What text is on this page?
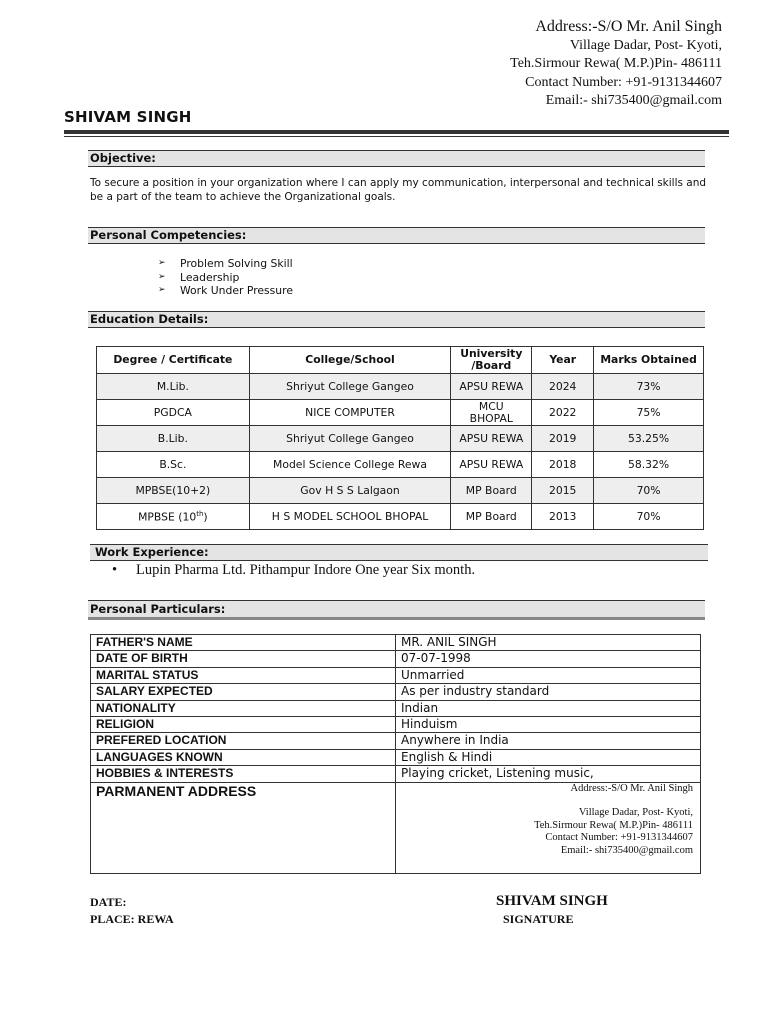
Address:-S/O Mr. Anil Singh
Village Dadar, Post- Kyoti,
Teh.Sirmour Rewa( M.P.)Pin- 486111
Contact Number: +91-9131344607
Email:- shi735400@gmail.com
SHIVAM SINGH
Objective:
To secure a position in your organization where I can apply my communication, interpersonal and technical skills and be a part of the team to achieve the Organizational goals.
Personal Competencies:
➢ Problem Solving Skill
➢ Leadership
➢ Work Under Pressure
Education Details:
Degree / Certificate	College/School	University /Board	Year	Marks Obtained
M.Lib.	Shriyut College Gangeo	APSU REWA	2024	73%
PGDCA	NICE COMPUTER	MCU BHOPAL	2022	75%
B.Lib.	Shriyut College Gangeo	APSU REWA	2019	53.25%
B.Sc.	Model Science College Rewa	APSU REWA	2018	58.32%
MPBSE(10+2)	Gov H S S Lalgaon	MP Board	2015	70%
MPBSE (10th)	H S MODEL SCHOOL BHOPAL	MP Board	2013	70%
Work Experience:
• Lupin Pharma Ltd. Pithampur Indore One year Six month.
Personal Particulars:
FATHER'S NAME	MR. ANIL SINGH
DATE OF BIRTH	07-07-1998
MARITAL STATUS	Unmarried
SALARY EXPECTED	As per industry standard
NATIONALITY	Indian
RELIGION	Hinduism
PREFERED LOCATION	Anywhere in India
LANGUAGES KNOWN	English & Hindi
HOBBIES & INTERESTS	Playing cricket, Listening music,
PARMANENT ADDRESS	Address:-S/O Mr. Anil Singh
Village Dadar, Post- Kyoti,
Teh.Sirmour Rewa( M.P.)Pin- 486111
Contact Number: +91-9131344607
Email:- shi735400@gmail.com
DATE:
PLACE: REWA
SHIVAM SINGH
SIGNATURE
